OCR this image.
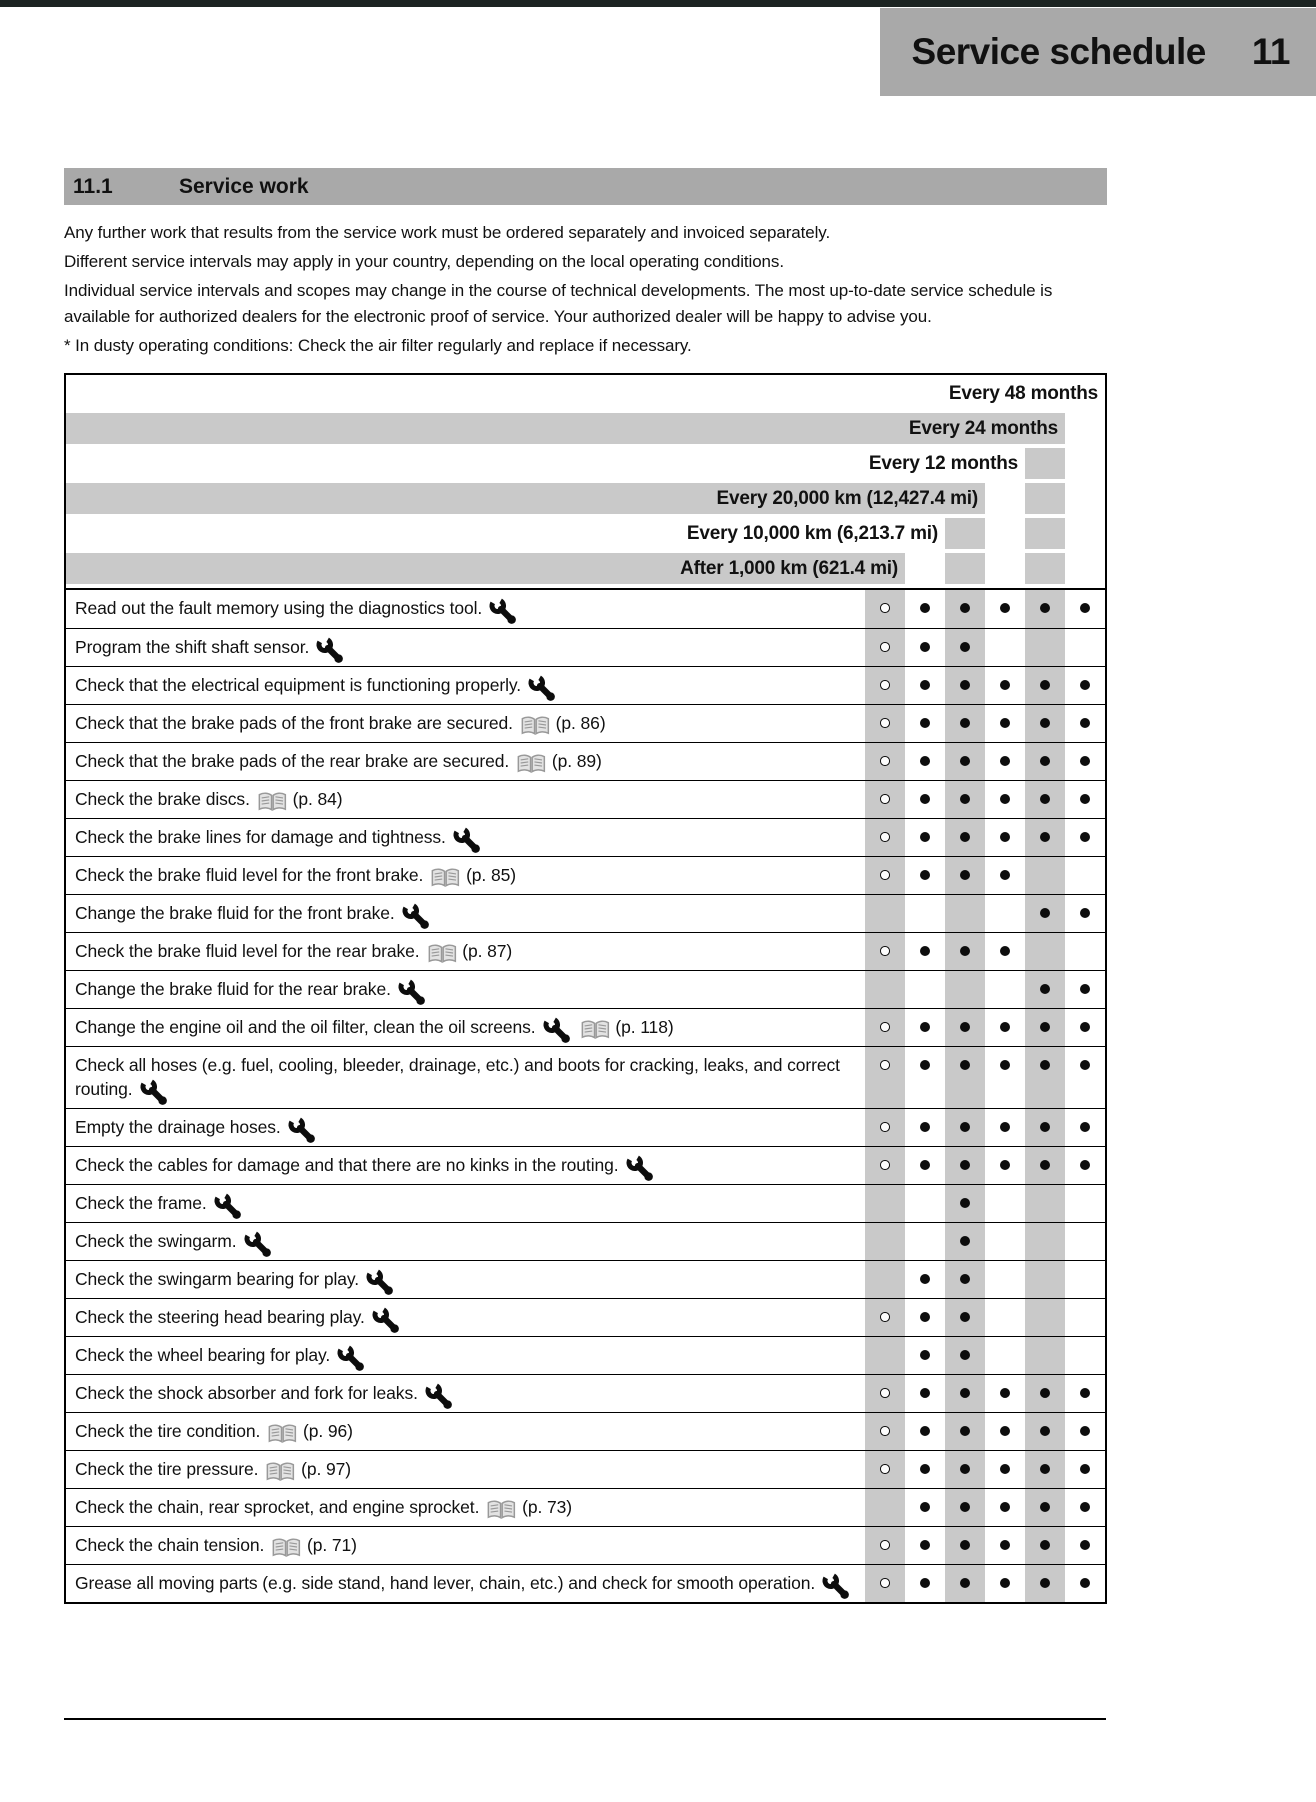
Service schedule 11
11.1	Service work

Any further work that results from the service work must be ordered separately and invoiced separately.

Different service intervals may apply in your country, depending on the local operating conditions.

Individual service intervals and scopes may change in the course of technical developments. The most up-to-date service schedule is available for authorized dealers for the electronic proof of service. Your authorized dealer will be happy to advise you.

* In dusty operating conditions: Check the air filter regularly and replace if necessary.

Every 48 months
Every 24 months
Every 12 months
Every 20,000 km (12,427.4 mi)
Every 10,000 km (6,213.7 mi)
After 1,000 km (621.4 mi)
Read out the fault memory using the diagnostics tool.
Program the shift shaft sensor.
Check that the electrical equipment is functioning properly.
Check that the brake pads of the front brake are secured. (p. 86)
Check that the brake pads of the rear brake are secured. (p. 89)
Check the brake discs. (p. 84)
Check the brake lines for damage and tightness.
Check the brake fluid level for the front brake. (p. 85)
Change the brake fluid for the front brake.
Check the brake fluid level for the rear brake. (p. 87)
Change the brake fluid for the rear brake.
Change the engine oil and the oil filter, clean the oil screens.	(p. 118)
Check all hoses (e.g. fuel, cooling, bleeder, drainage, etc.) and boots for cracking, leaks, and correct routing.
Empty the drainage hoses.
Check the cables for damage and that there are no kinks in the routing.
Check the frame.
Check the swingarm.
Check the swingarm bearing for play.
Check the steering head bearing play.
Check the wheel bearing for play.
Check the shock absorber and fork for leaks.
Check the tire condition. (p. 96)
Check the tire pressure. (p. 97)
Check the chain, rear sprocket, and engine sprocket. (p. 73)
Check the chain tension. (p. 71)
Grease all moving parts (e.g. side stand, hand lever, chain, etc.) and check for smooth operation.
